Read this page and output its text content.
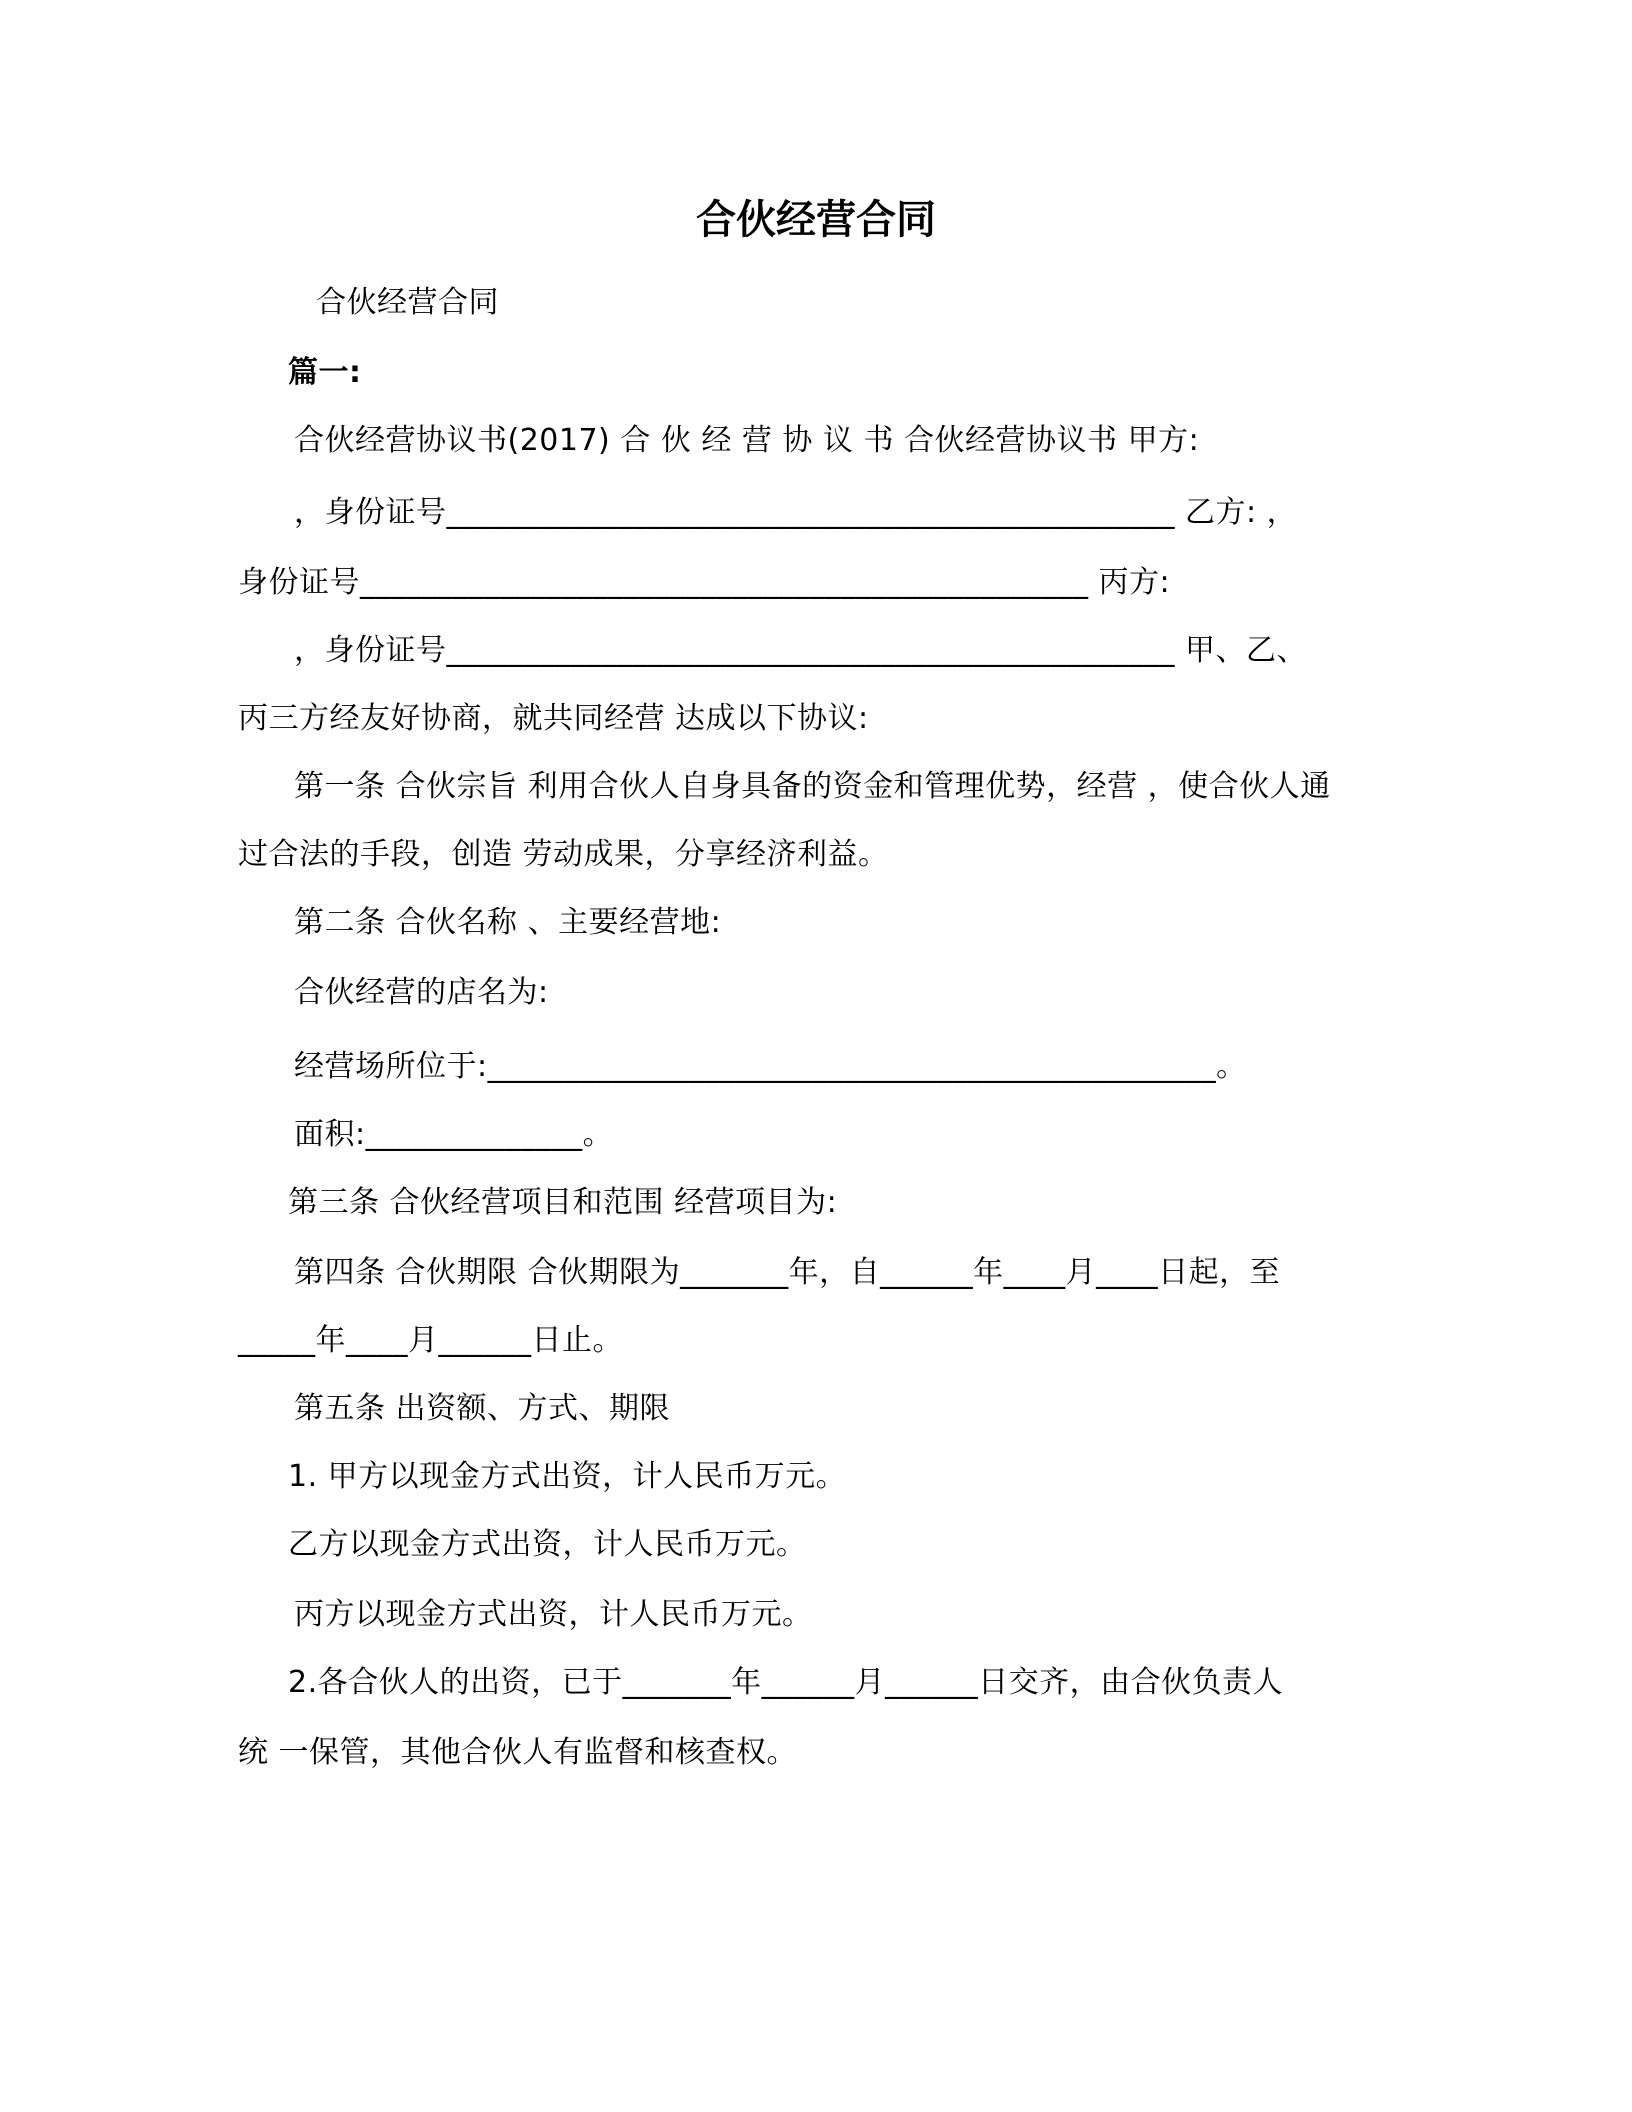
合伙经营合同
合伙经营合同
篇一:
合伙经营协议书(2017) 合 伙 经 营 协 议 书 合伙经营协议书 甲方:
，身份证号_______________________________________________ 乙方: ，
身份证号_______________________________________________ 丙方:
，身份证号_______________________________________________ 甲、乙、
丙三方经友好协商，就共同经营 达成以下协议:
第一条 合伙宗旨 利用合伙人自身具备的资金和管理优势，经营 ，使合伙人通
过合法的手段，创造 劳动成果，分享经济利益。
第二条 合伙名称 、主要经营地:
合伙经营的店名为:
经营场所位于:_______________________________________________。
面积:______________。
第三条 合伙经营项目和范围 经营项目为:
第四条 合伙期限 合伙期限为_______年，自______年____月____日起，至
_____年____月______日止。
第五条 出资额、方式、期限
1. 甲方以现金方式出资，计人民币万元。
乙方以现金方式出资，计人民币万元。
丙方以现金方式出资，计人民币万元。
2.各合伙人的出资，已于_______年______月______日交齐，由合伙负责人
统 一保管，其他合伙人有监督和核查权。
